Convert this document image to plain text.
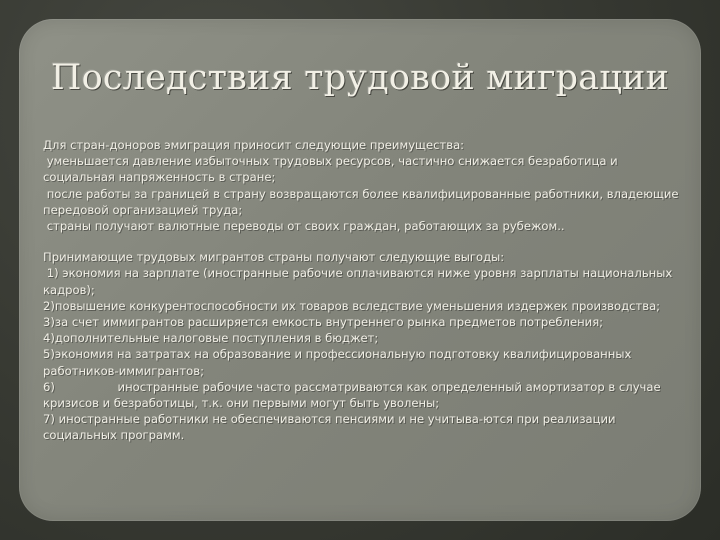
Последствия трудовой миграции
Для стран-доноров эмиграция приносит следующие преимущества:
уменьшается давление избыточных трудовых ресурсов, частично снижается безработица и социальная напряженность в стране;
после работы за границей в страну возвращаются более квалифицированные работники, владеющие передовой организацией труда;
страны получают валютные переводы от своих граждан, работающих за рубежом..
Принимающие трудовых мигрантов страны получают следующие выгоды:
1) экономия на зарплате (иностранные рабочие оплачиваются ниже уровня зарплаты национальных кадров);
2)повышение конкурентоспособности их товаров вследствие уменьшения издержек производства;
3)за счет иммигрантов расширяется емкость внутреннего рынка предметов потребления;
4)дополнительные налоговые поступления в бюджет;
5)экономия на затратах на образование и профессиональную подготовку квалифицированных работников-иммигрантов;
6)                 иностранные рабочие часто рассматриваются как определенный амортизатор в случае кризисов и безработицы, т.к. они первыми могут быть уволены;
7) иностранные работники не обеспечиваются пенсиями и не учитыва-ются при реализации социальных программ.
